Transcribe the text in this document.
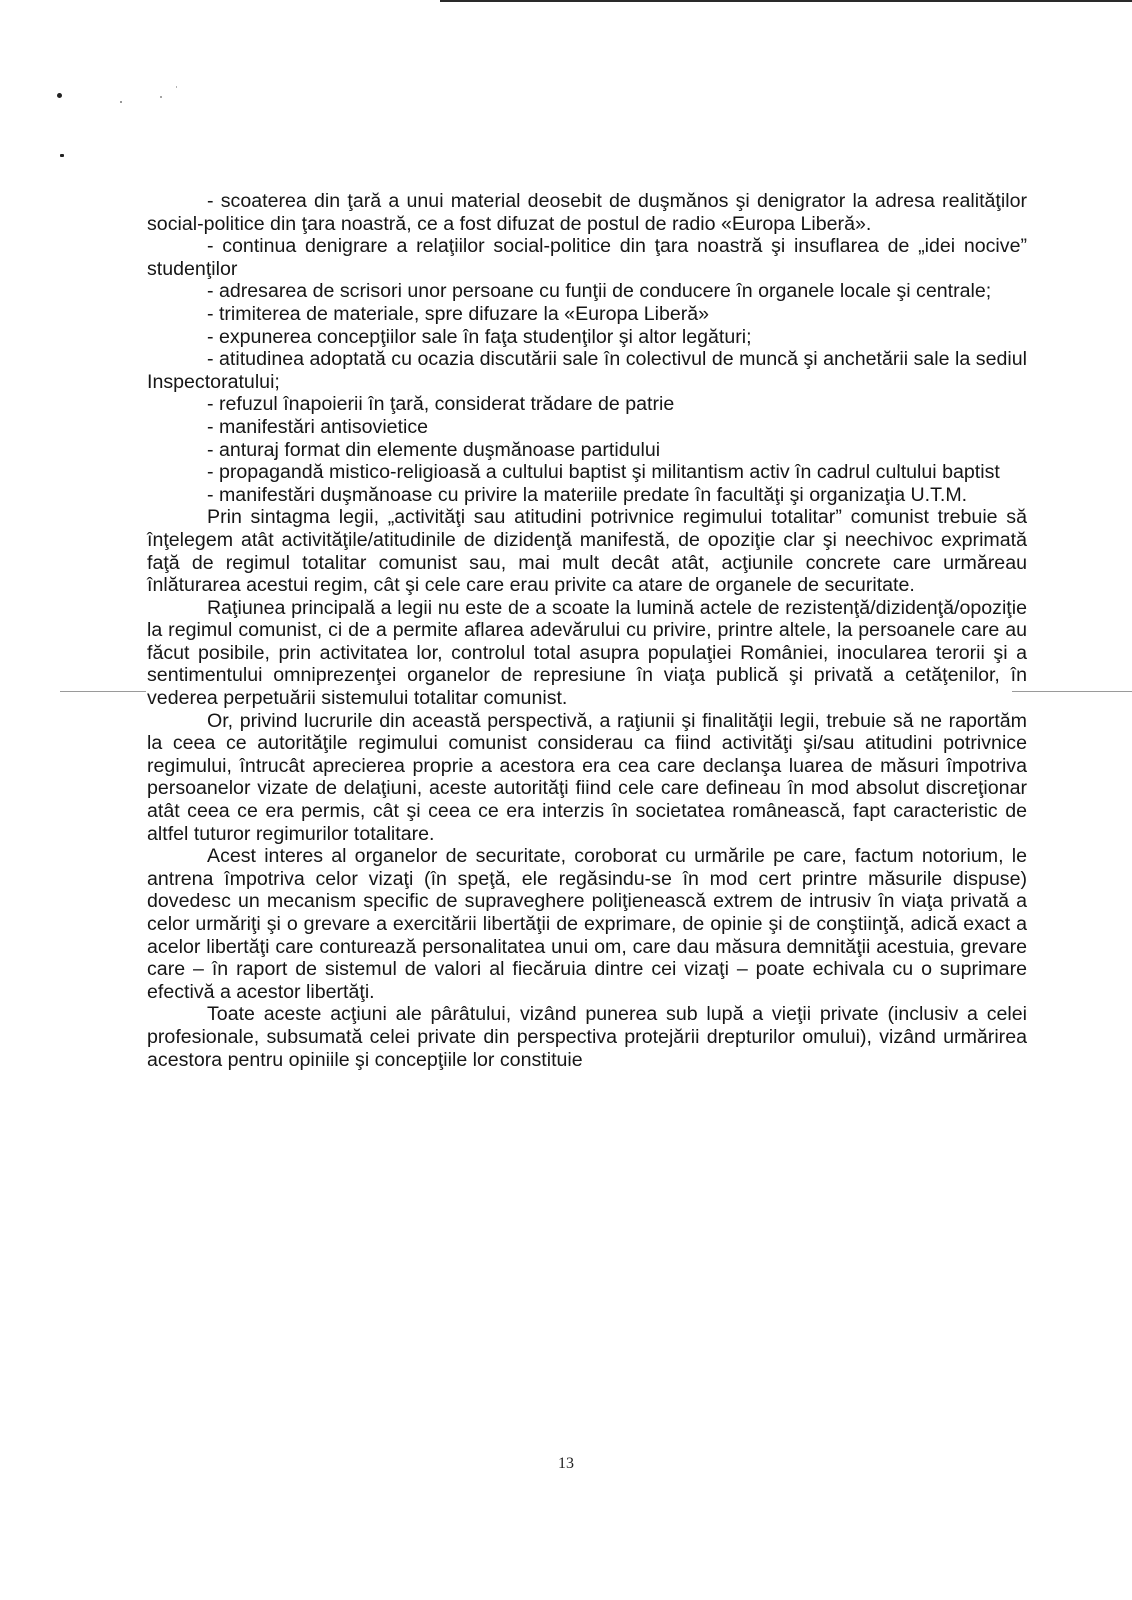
- scoaterea din ţară a unui material deosebit de duşmănos şi denigrator la adresa realităţilor social-politice din ţara noastră, ce a fost difuzat de postul de radio «Europa Liberă».

- continua denigrare a relaţiilor social-politice din ţara noastră şi insuflarea de „idei nocive” studenţilor

- adresarea de scrisori unor persoane cu funţii de conducere în organele locale şi centrale;

- trimiterea de materiale, spre difuzare la «Europa Liberă»

- expunerea concepţiilor sale în faţa studenţilor şi altor legături;

- atitudinea adoptată cu ocazia discutării sale în colectivul de muncă şi anchetării sale la sediul Inspectoratului;

- refuzul înapoierii în ţară, considerat trădare de patrie

- manifestări antisovietice

- anturaj format din elemente duşmănoase partidului

- propagandă mistico-religioasă a cultului baptist şi militantism activ în cadrul cultului baptist

- manifestări duşmănoase cu privire la materiile predate în facultăţi şi organizaţia U.T.M.

Prin sintagma legii, „activităţi sau atitudini potrivnice regimului totalitar” comunist trebuie să înţelegem atât activităţile/atitudinile de dizidenţă manifestă, de opoziţie clar şi neechivoc exprimată faţă de regimul totalitar comunist sau, mai mult decât atât, acţiunile concrete care urmăreau înlăturarea acestui regim, cât şi cele care erau privite ca atare de organele de securitate.

Raţiunea principală a legii nu este de a scoate la lumină actele de rezistenţă/dizidenţă/opoziţie la regimul comunist, ci de a permite aflarea adevărului cu privire, printre altele, la persoanele care au făcut posibile, prin activitatea lor, controlul total asupra populaţiei României, inocularea terorii şi a sentimentului omniprezenţei organelor de represiune în viaţa publică şi privată a cetăţenilor, în vederea perpetuării sistemului totalitar comunist.

Or, privind lucrurile din această perspectivă, a raţiunii şi finalităţii legii, trebuie să ne raportăm la ceea ce autorităţile regimului comunist considerau ca fiind activităţi şi/sau atitudini potrivnice regimului, întrucât aprecierea proprie a acestora era cea care declanşa luarea de măsuri împotriva persoanelor vizate de delaţiuni, aceste autorităţi fiind cele care defineau în mod absolut discreţionar atât ceea ce era permis, cât şi ceea ce era interzis în societatea românească, fapt caracteristic de altfel tuturor regimurilor totalitare.

Acest interes al organelor de securitate, coroborat cu urmările pe care, factum notorium, le antrena împotriva celor vizaţi (în speţă, ele regăsindu-se în mod cert printre măsurile dispuse) dovedesc un mecanism specific de supraveghere poliţienească extrem de intrusiv în viaţa privată a celor urmăriţi şi o grevare a exercitării libertăţii de exprimare, de opinie şi de conştiinţă, adică exact a acelor libertăţi care conturează personalitatea unui om, care dau măsura demnităţii acestuia, grevare care – în raport de sistemul de valori al fiecăruia dintre cei vizaţi – poate echivala cu o suprimare efectivă a acestor libertăţi.

Toate aceste acţiuni ale pârâtului, vizând punerea sub lupă a vieţii private (inclusiv a celei profesionale, subsumată celei private din perspectiva protejării drepturilor omului), vizând urmărirea acestora pentru opiniile şi concepţiile lor constituie

13
